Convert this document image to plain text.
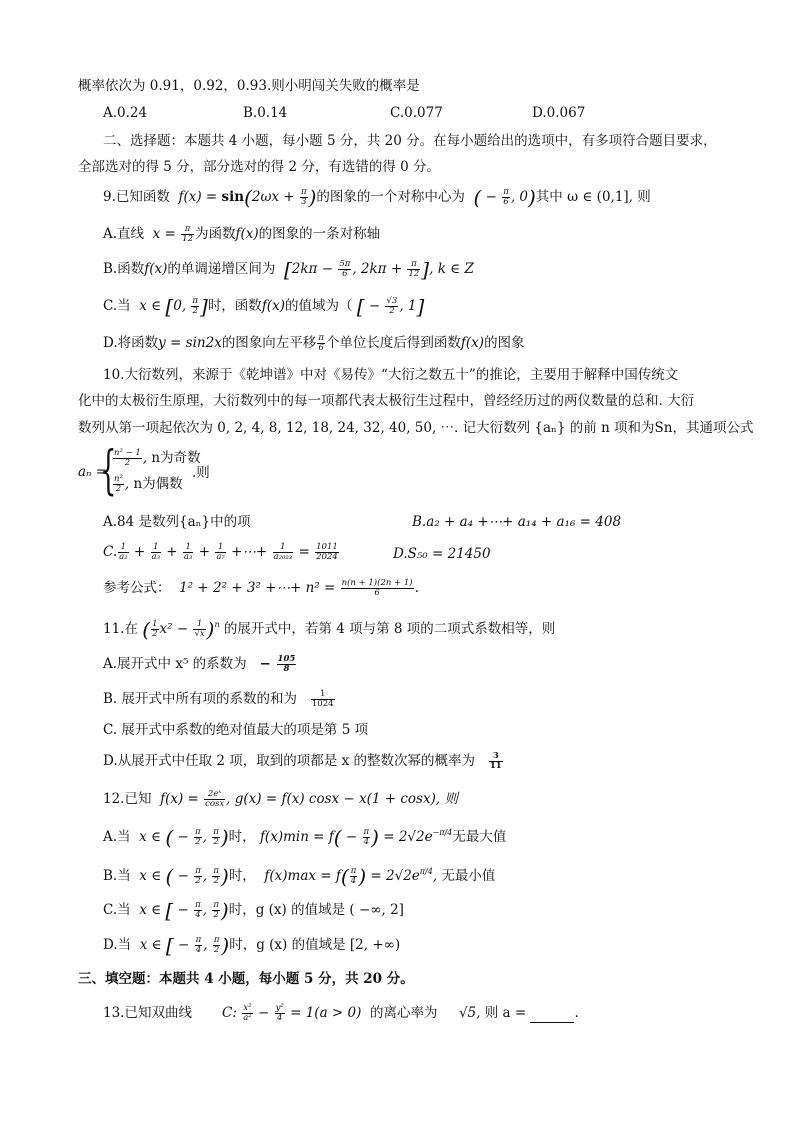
概率依次为 0.91，0.92，0.93.则小明闯关失败的概率是
A.0.24	B.0.14	C.0.077	D.0.067
二、选择题：本题共 4 小题，每小题 5 分，共 20 分。在每小题给出的选项中，有多项符合题目要求，
全部选对的得 5 分，部分选对的得 2 分，有选错的得 0 分。
9.已知函数  $f(x) = \sin(2\omega x + \frac{\pi}{3}$ )的图象的一个对称中心为 ( − $\frac{\pi}{6}$ , 0)其中 ω ∈ (0,1], 则
A.直线  $x = \frac{\pi}{12}$ 为函数f(x)的图象的一条对称轴
B.函数f(x)的单调递增区间为 [$2k\pi - \frac{5\pi}{6}$ , $2k\pi + \frac{\pi}{12}$ ], k ∈ Z
C.当  x ∈ [0, $\frac{\pi}{2}$ ]时，函数f(x)的值域为（ [ − $\frac{√3}{2}$ , 1]
D.将函数y = sin2x的图象向左平移 $\frac{\pi}{6}$ 个单位长度后得到函数f(x)的图象
10.大衍数列，来源于《乾坤谱》中对《易传》“大衍之数五十”的推论，主要用于解释中国传统文
化中的太极衍生原理，大衍数列中的每一项都代表太极衍生过程中，曾经经历过的两仪数量的总和. 大衍
数列从第一项起依次为 0, 2, 4, 8, 12, 18, 24, 32, 40, 50, ⋯. 记大衍数列 {aₙ} 的前 n 项和为Sn，其通项公式
aₙ =
{
$\frac{\text{n² − 1}}{2}$ , n为奇数
$\frac{\text{n²}}{2}$ , n为偶数
.则
A.84 是数列{aₙ}中的项	B.a₂ + a₄ +⋯+ a₁₄ + a₁₆ = 408
C. $\frac{1}{\text{a₂}} + \frac{1}{\text{a₃}} + \frac{1}{\text{a₃}} + \frac{1}{\text{a₇}}$ +⋯+ $\frac{1}{\text{a₂₀₂₃}} = \frac{1011}{2024}$	D.S₅₀ = 21450
参考公式： 1² + 2² + 3² +⋯+ $n^2 = \frac{n(n + 1)(2n + 1)}{6}$ .
11.在 ( $\frac{1}{2} x^2 - \frac{1}{√x} )^n$ 的展开式中，若第 4 项与第 8 项的二项式系数相等，则
A.展开式中 x⁵ 的系数为 − $\frac{105}{8}$
B. 展开式中所有项的系数的和为 $\frac{1}{1024}$
C. 展开式中系数的绝对值最大的项是第 5 项
D.从展开式中任取 2 项，取到的项都是 x 的整数次幂的概率为 $\frac{3}{11}$
12.已知  $f(x) = \frac{\text{2eˣ}}{\cos x}$ , g(x) = f(x) cosx − x(1 + cosx), 则
A.当  x ∈ ( − $\frac{\pi}{2}$ , $\frac{\pi}{2}$ )时， $f(x)\min = f( - \frac{\pi}{4}$ ) = $2√2e^{-\pi/4}$无最大值
B.当  x ∈ ( − $\frac{\pi}{2}$ , $\frac{\pi}{2}$ )时， $f(x)\max = f( \frac{\pi}{4}$ ) = $2√2e^{\pi/4}$, 无最小值
C.当  x ∈ [ − $\frac{\pi}{4}$ , $\frac{\pi}{2}$ )时，g (x) 的值域是 ( −∞, 2]
D.当  x ∈ [ − $\frac{\pi}{4}$ , $\frac{\pi}{2}$ )时，g (x) 的值域是 [2, +∞)
三、填空题：本题共 4 小题，每小题 5 分，共 20 分。
13.已知双曲线 C: $\frac{\text{x²}}{\text{a²}} - \frac{\text{y²}}{4} = 1(a > 0)$ 的离心率为 √5, 则 a =	.
